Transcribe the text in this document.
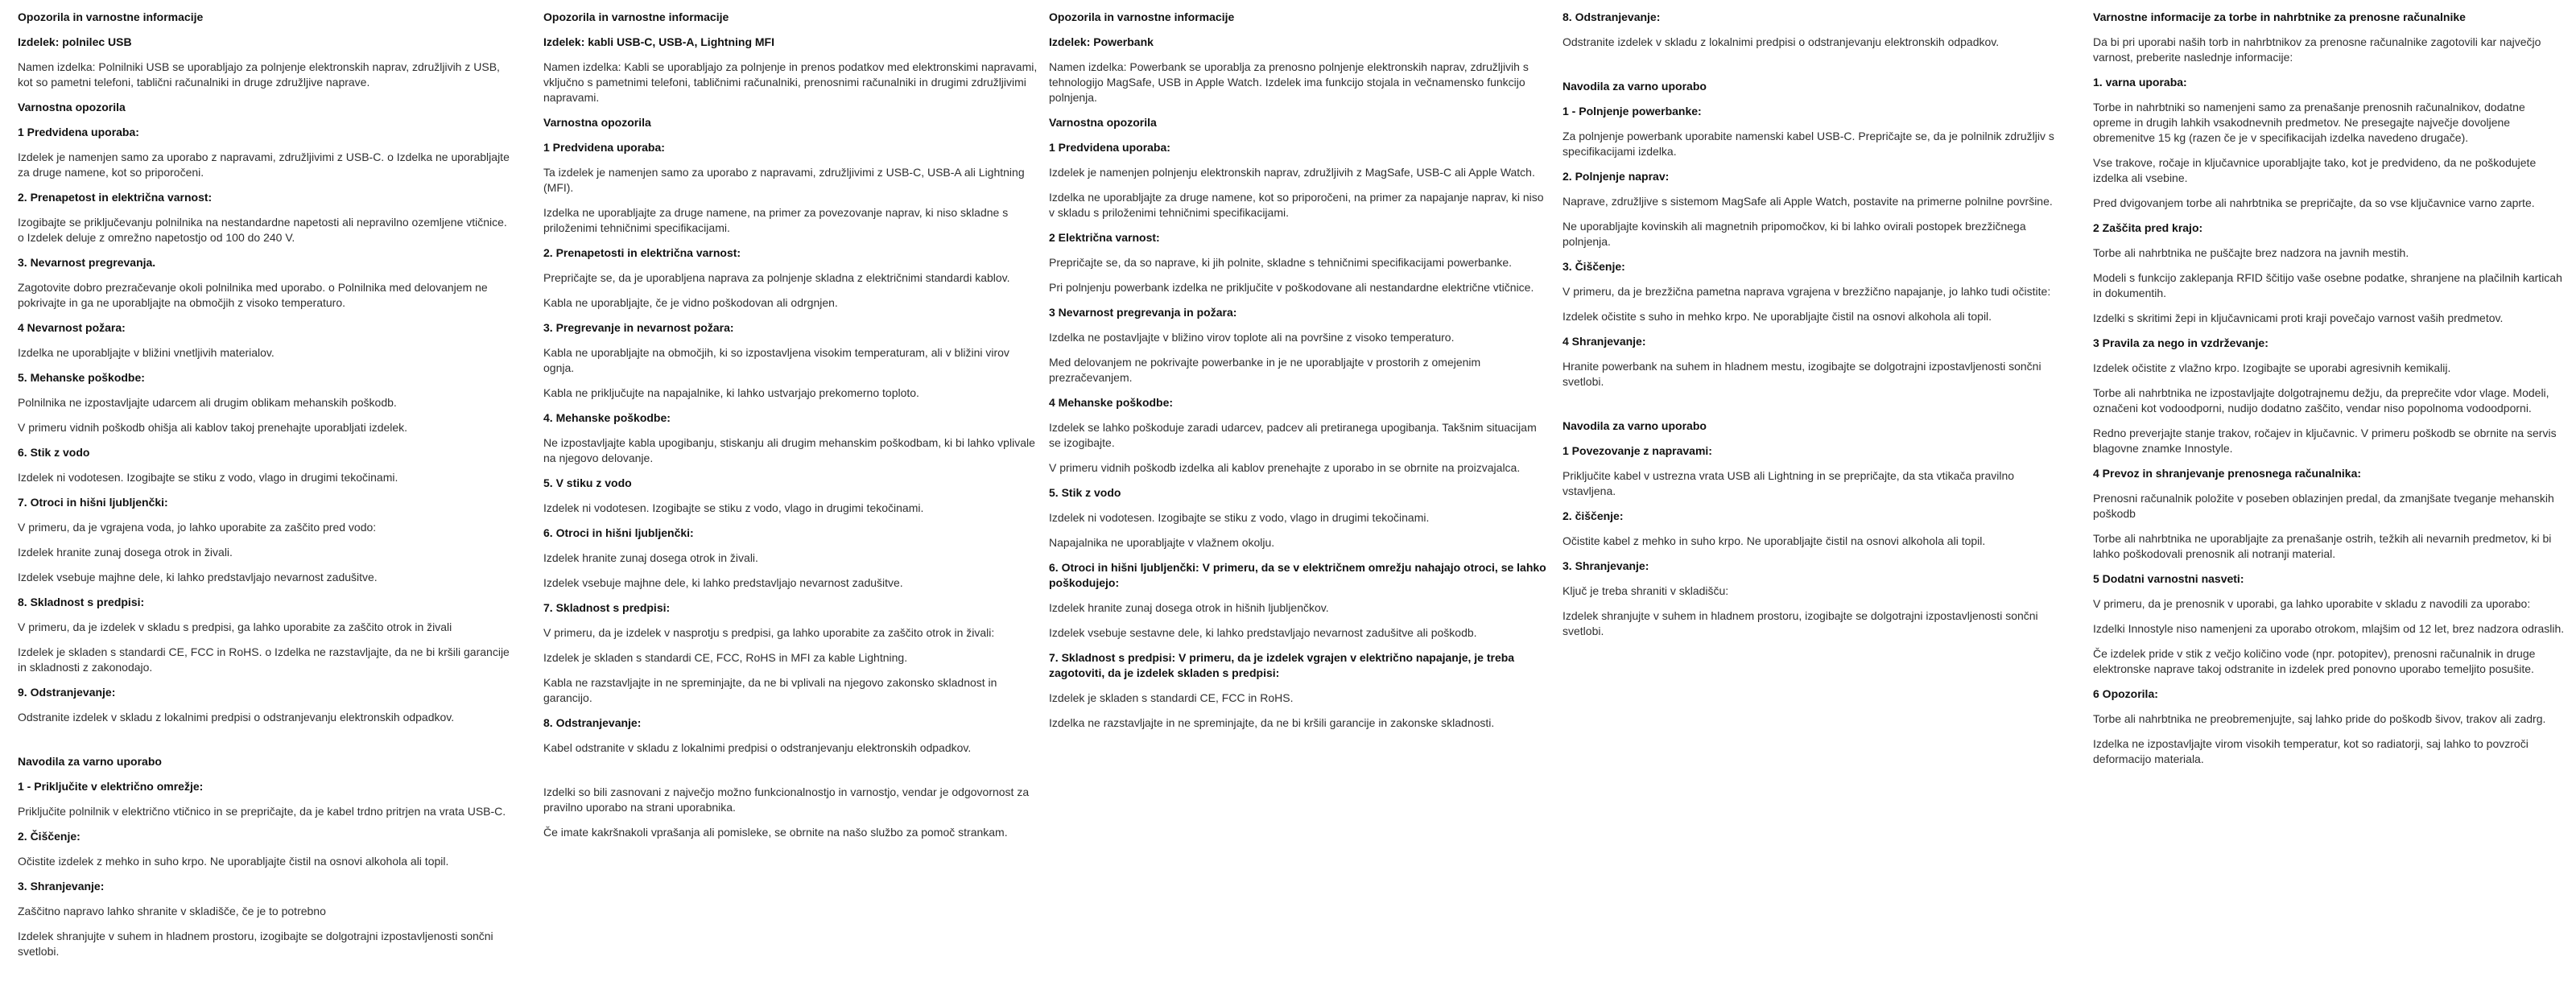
Opozorila in varnostne informacije
Izdelek: polnilec USB
Namen izdelka: Polnilniki USB se uporabljajo za polnjenje elektronskih naprav, združljivih z USB, kot so pametni telefoni, tablični računalniki in druge združljive naprave.
Varnostna opozorila
1 Predvidena uporaba:
Izdelek je namenjen samo za uporabo z napravami, združljivimi z USB-C. o Izdelka ne uporabljajte za druge namene, kot so priporočeni.
2. Prenapetost in električna varnost:
Izogibajte se priključevanju polnilnika na nestandardne napetosti ali nepravilno ozemljene vtičnice. o Izdelek deluje z omrežno napetostjo od 100 do 240 V.
3. Nevarnost pregrevanja.
Zagotovite dobro prezračevanje okoli polnilnika med uporabo. o Polnilnika med delovanjem ne pokrivajte in ga ne uporabljajte na območjih z visoko temperaturo.
4 Nevarnost požara:
Izdelka ne uporabljajte v bližini vnetljivih materialov.
5. Mehanske poškodbe:
Polnilnika ne izpostavljajte udarcem ali drugim oblikam mehanskih poškodb.
V primeru vidnih poškodb ohišja ali kablov takoj prenehajte uporabljati izdelek.
6. Stik z vodo
Izdelek ni vodotesen. Izogibajte se stiku z vodo, vlago in drugimi tekočinami.
7. Otroci in hišni ljubljenčki:
V primeru, da je vgrajena voda, jo lahko uporabite za zaščito pred vodo:
Izdelek hranite zunaj dosega otrok in živali.
Izdelek vsebuje majhne dele, ki lahko predstavljajo nevarnost zadušitve.
8. Skladnost s predpisi:
V primeru, da je izdelek v skladu s predpisi, ga lahko uporabite za zaščito otrok in živali
Izdelek je skladen s standardi CE, FCC in RoHS. o Izdelka ne razstavljajte, da ne bi kršili garancije in skladnosti z zakonodajo.
9. Odstranjevanje:
Odstranite izdelek v skladu z lokalnimi predpisi o odstranjevanju elektronskih odpadkov.
Navodila za varno uporabo
1 - Priključite v električno omrežje:
Priključite polnilnik v električno vtičnico in se prepričajte, da je kabel trdno pritrjen na vrata USB-C.
2. Čiščenje:
Očistite izdelek z mehko in suho krpo. Ne uporabljajte čistil na osnovi alkohola ali topil.
3. Shranjevanje:
Zaščitno napravo lahko shranite v skladišče, če je to potrebno
Izdelek shranjujte v suhem in hladnem prostoru, izogibajte se dolgotrajni izpostavljenosti sončni svetlobi.
Opozorila in varnostne informacije
Izdelek: kabli USB-C, USB-A, Lightning MFI
Namen izdelka: Kabli se uporabljajo za polnjenje in prenos podatkov med elektronskimi napravami, vključno s pametnimi telefoni, tabličnimi računalniki, prenosnimi računalniki in drugimi združljivimi napravami.
Varnostna opozorila
1 Predvidena uporaba:
Ta izdelek je namenjen samo za uporabo z napravami, združljivimi z USB-C, USB-A ali Lightning (MFI).
Izdelka ne uporabljajte za druge namene, na primer za povezovanje naprav, ki niso skladne s priloženimi tehničnimi specifikacijami.
2. Prenapetosti in električna varnost:
Prepričajte se, da je uporabljena naprava za polnjenje skladna z električnimi standardi kablov.
Kabla ne uporabljajte, če je vidno poškodovan ali odrgnjen.
3. Pregrevanje in nevarnost požara:
Kabla ne uporabljajte na območjih, ki so izpostavljena visokim temperaturam, ali v bližini virov ognja.
Kabla ne priključujte na napajalnike, ki lahko ustvarjajo prekomerno toploto.
4. Mehanske poškodbe:
Ne izpostavljajte kabla upogibanju, stiskanju ali drugim mehanskim poškodbam, ki bi lahko vplivale na njegovo delovanje.
5. V stiku z vodo
Izdelek ni vodotesen. Izogibajte se stiku z vodo, vlago in drugimi tekočinami.
6. Otroci in hišni ljubljenčki:
Izdelek hranite zunaj dosega otrok in živali.
Izdelek vsebuje majhne dele, ki lahko predstavljajo nevarnost zadušitve.
7. Skladnost s predpisi:
V primeru, da je izdelek v nasprotju s predpisi, ga lahko uporabite za zaščito otrok in živali:
Izdelek je skladen s standardi CE, FCC, RoHS in MFI za kable Lightning.
Kabla ne razstavljajte in ne spreminjajte, da ne bi vplivali na njegovo zakonsko skladnost in garancijo.
8. Odstranjevanje:
Kabel odstranite v skladu z lokalnimi predpisi o odstranjevanju elektronskih odpadkov.
Izdelki so bili zasnovani z največjo možno funkcionalnostjo in varnostjo, vendar je odgovornost za pravilno uporabo na strani uporabnika.
Če imate kakršnakoli vprašanja ali pomisleke, se obrnite na našo službo za pomoč strankam.
Opozorila in varnostne informacije
Izdelek: Powerbank
Namen izdelka: Powerbank se uporablja za prenosno polnjenje elektronskih naprav, združljivih s tehnologijo MagSafe, USB in Apple Watch. Izdelek ima funkcijo stojala in večnamensko funkcijo polnjenja.
Varnostna opozorila
1 Predvidena uporaba:
Izdelek je namenjen polnjenju elektronskih naprav, združljivih z MagSafe, USB-C ali Apple Watch.
Izdelka ne uporabljajte za druge namene, kot so priporočeni, na primer za napajanje naprav, ki niso v skladu s priloženimi tehničnimi specifikacijami.
2 Električna varnost:
Prepričajte se, da so naprave, ki jih polnite, skladne s tehničnimi specifikacijami powerbanke.
Pri polnjenju powerbank izdelka ne priključite v poškodovane ali nestandardne električne vtičnice.
3 Nevarnost pregrevanja in požara:
Izdelka ne postavljajte v bližino virov toplote ali na površine z visoko temperaturo.
Med delovanjem ne pokrivajte powerbanke in je ne uporabljajte v prostorih z omejenim prezračevanjem.
4 Mehanske poškodbe:
Izdelek se lahko poškoduje zaradi udarcev, padcev ali pretiranega upogibanja. Takšnim situacijam se izogibajte.
V primeru vidnih poškodb izdelka ali kablov prenehajte z uporabo in se obrnite na proizvajalca.
5. Stik z vodo
Izdelek ni vodotesen. Izogibajte se stiku z vodo, vlago in drugimi tekočinami.
Napajalnika ne uporabljajte v vlažnem okolju.
6. Otroci in hišni ljubljenčki: V primeru, da se v električnem omrežju nahajajo otroci, se lahko poškodujejo:
Izdelek hranite zunaj dosega otrok in hišnih ljubljenčkov.
Izdelek vsebuje sestavne dele, ki lahko predstavljajo nevarnost zadušitve ali poškodb.
7. Skladnost s predpisi: V primeru, da je izdelek vgrajen v električno napajanje, je treba zagotoviti, da je izdelek skladen s predpisi:
Izdelek je skladen s standardi CE, FCC in RoHS.
Izdelka ne razstavljajte in ne spreminjajte, da ne bi kršili garancije in zakonske skladnosti.
8. Odstranjevanje:
Odstranite izdelek v skladu z lokalnimi predpisi o odstranjevanju elektronskih odpadkov.
Navodila za varno uporabo
1 - Polnjenje powerbanke:
Za polnjenje powerbank uporabite namenski kabel USB-C. Prepričajte se, da je polnilnik združljiv s specifikacijami izdelka.
2. Polnjenje naprav:
Naprave, združljive s sistemom MagSafe ali Apple Watch, postavite na primerne polnilne površine.
Ne uporabljajte kovinskih ali magnetnih pripomočkov, ki bi lahko ovirali postopek brezžičnega polnjenja.
3. Čiščenje:
V primeru, da je brezžična pametna naprava vgrajena v brezžično napajanje, jo lahko tudi očistite:
Izdelek očistite s suho in mehko krpo. Ne uporabljajte čistil na osnovi alkohola ali topil.
4 Shranjevanje:
Hranite powerbank na suhem in hladnem mestu, izogibajte se dolgotrajni izpostavljenosti sončni svetlobi.
Navodila za varno uporabo
1 Povezovanje z napravami:
Priključite kabel v ustrezna vrata USB ali Lightning in se prepričajte, da sta vtikača pravilno vstavljena.
2. čiščenje:
Očistite kabel z mehko in suho krpo. Ne uporabljajte čistil na osnovi alkohola ali topil.
3. Shranjevanje:
Ključ je treba shraniti v skladišču:
Izdelek shranjujte v suhem in hladnem prostoru, izogibajte se dolgotrajni izpostavljenosti sončni svetlobi.
Varnostne informacije za torbe in nahrbtnike za prenosne računalnike
Da bi pri uporabi naših torb in nahrbtnikov za prenosne računalnike zagotovili kar največjo varnost, preberite naslednje informacije:
1. varna uporaba:
Torbe in nahrbtniki so namenjeni samo za prenašanje prenosnih računalnikov, dodatne opreme in drugih lahkih vsakodnevnih predmetov. Ne presegajte največje dovoljene obremenitve 15 kg (razen če je v specifikacijah izdelka navedeno drugače).
Vse trakove, ročaje in ključavnice uporabljajte tako, kot je predvideno, da ne poškodujete izdelka ali vsebine.
Pred dvigovanjem torbe ali nahrbtnika se prepričajte, da so vse ključavnice varno zaprte.
2 Zaščita pred krajo:
Torbe ali nahrbtnika ne puščajte brez nadzora na javnih mestih.
Modeli s funkcijo zaklepanja RFID ščitijo vaše osebne podatke, shranjene na plačilnih karticah in dokumentih.
Izdelki s skritimi žepi in ključavnicami proti kraji povečajo varnost vaših predmetov.
3 Pravila za nego in vzdrževanje:
Izdelek očistite z vlažno krpo. Izogibajte se uporabi agresivnih kemikalij.
Torbe ali nahrbtnika ne izpostavljajte dolgotrajnemu dežju, da preprečite vdor vlage. Modeli, označeni kot vodoodporni, nudijo dodatno zaščito, vendar niso popolnoma vodoodporni.
Redno preverjajte stanje trakov, ročajev in ključavnic. V primeru poškodb se obrnite na servis blagovne znamke Innostyle.
4 Prevoz in shranjevanje prenosnega računalnika:
Prenosni računalnik položite v poseben oblazinjen predal, da zmanjšate tveganje mehanskih poškodb
Torbe ali nahrbtnika ne uporabljajte za prenašanje ostrih, težkih ali nevarnih predmetov, ki bi lahko poškodovali prenosnik ali notranji material.
5 Dodatni varnostni nasveti:
V primeru, da je prenosnik v uporabi, ga lahko uporabite v skladu z navodili za uporabo:
Izdelki Innostyle niso namenjeni za uporabo otrokom, mlajšim od 12 let, brez nadzora odraslih.
Če izdelek pride v stik z večjo količino vode (npr. potopitev), prenosni računalnik in druge elektronske naprave takoj odstranite in izdelek pred ponovno uporabo temeljito posušite.
6 Opozorila:
Torbe ali nahrbtnika ne preobremenjujte, saj lahko pride do poškodb šivov, trakov ali zadrg.
Izdelka ne izpostavljajte virom visokih temperatur, kot so radiatorji, saj lahko to povzroči deformacijo materiala.
